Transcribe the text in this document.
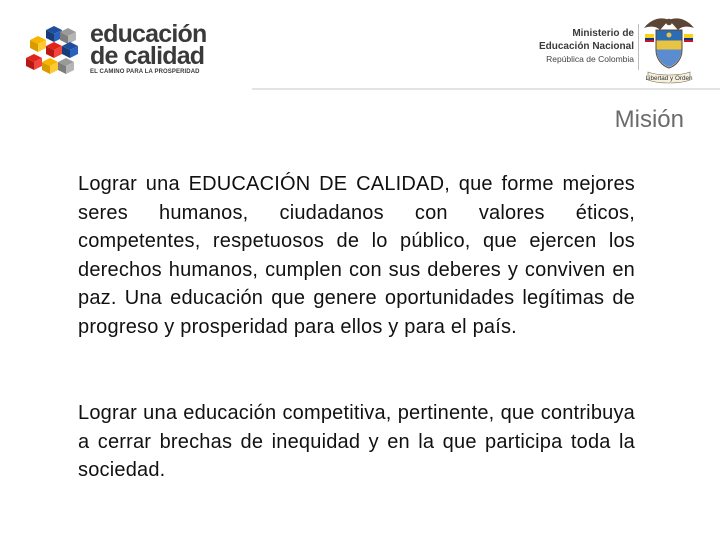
educación
de calidad
EL CAMINO PARA LA PROSPERIDAD
Ministerio de
Educación Nacional
República de Colombia
Libertad y Orden
Misión

Lograr una EDUCACIÓN DE CALIDAD, que forme mejores seres humanos, ciudadanos con valores éticos, competentes, respetuosos de lo público, que ejercen los derechos humanos, cumplen con sus deberes y conviven en paz. Una educación que genere oportunidades legítimas de progreso y prosperidad para ellos y para el país.

Lograr una educación competitiva, pertinente, que contribuya a cerrar brechas de inequidad y en la que participa toda la sociedad.
